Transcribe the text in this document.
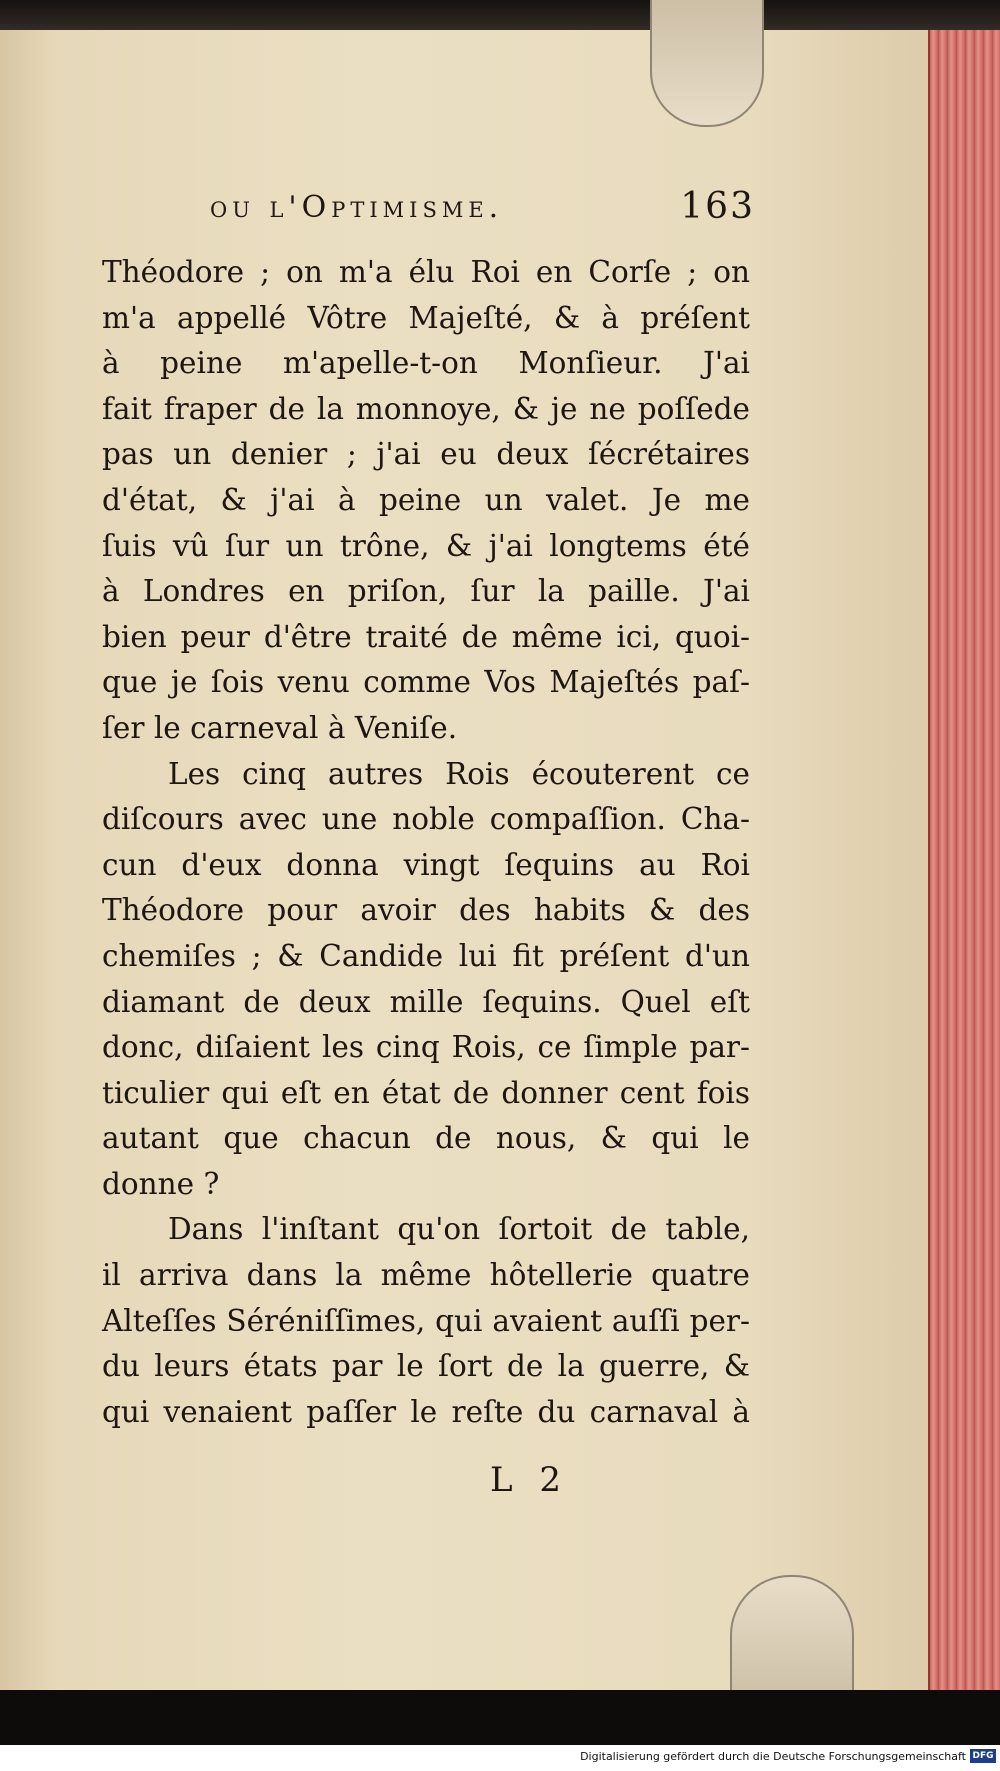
ou l'Optimisme.	163
Théodore ; on m'a élu Roi en Corſe ; on
m'a appellé Vôtre Majeſté, & à préſent
à peine m'apelle-t-on Monſieur. J'ai
fait fraper de la monnoye, & je ne poſſede
pas un denier ; j'ai eu deux ſécrétaires
d'état, & j'ai à peine un valet. Je me
ſuis vû ſur un trône, & j'ai longtems été
à Londres en priſon, ſur la paille. J'ai
bien peur d'être traité de même ici, quoi-
que je ſois venu comme Vos Majeſtés paſ-
ſer le carneval à Veniſe.
Les cinq autres Rois écouterent ce
diſcours avec une noble compaſſion. Cha-
cun d'eux donna vingt ſequins au Roi
Théodore pour avoir des habits & des
chemiſes ; & Candide lui fit préſent d'un
diamant de deux mille ſequins. Quel eſt
donc, diſaient les cinq Rois, ce ſimple par-
ticulier qui eſt en état de donner cent fois
autant que chacun de nous, & qui le
donne ?
Dans l'inſtant qu'on ſortoit de table,
il arriva dans la même hôtellerie quatre
Alteſſes Séréniſſimes, qui avaient auſſi per-
du leurs états par le ſort de la guerre, &
qui venaient paſſer le reſte du carnaval à
L 2
Digitalisierung gefördert durch die Deutsche Forschungsgemeinschaft DFG
